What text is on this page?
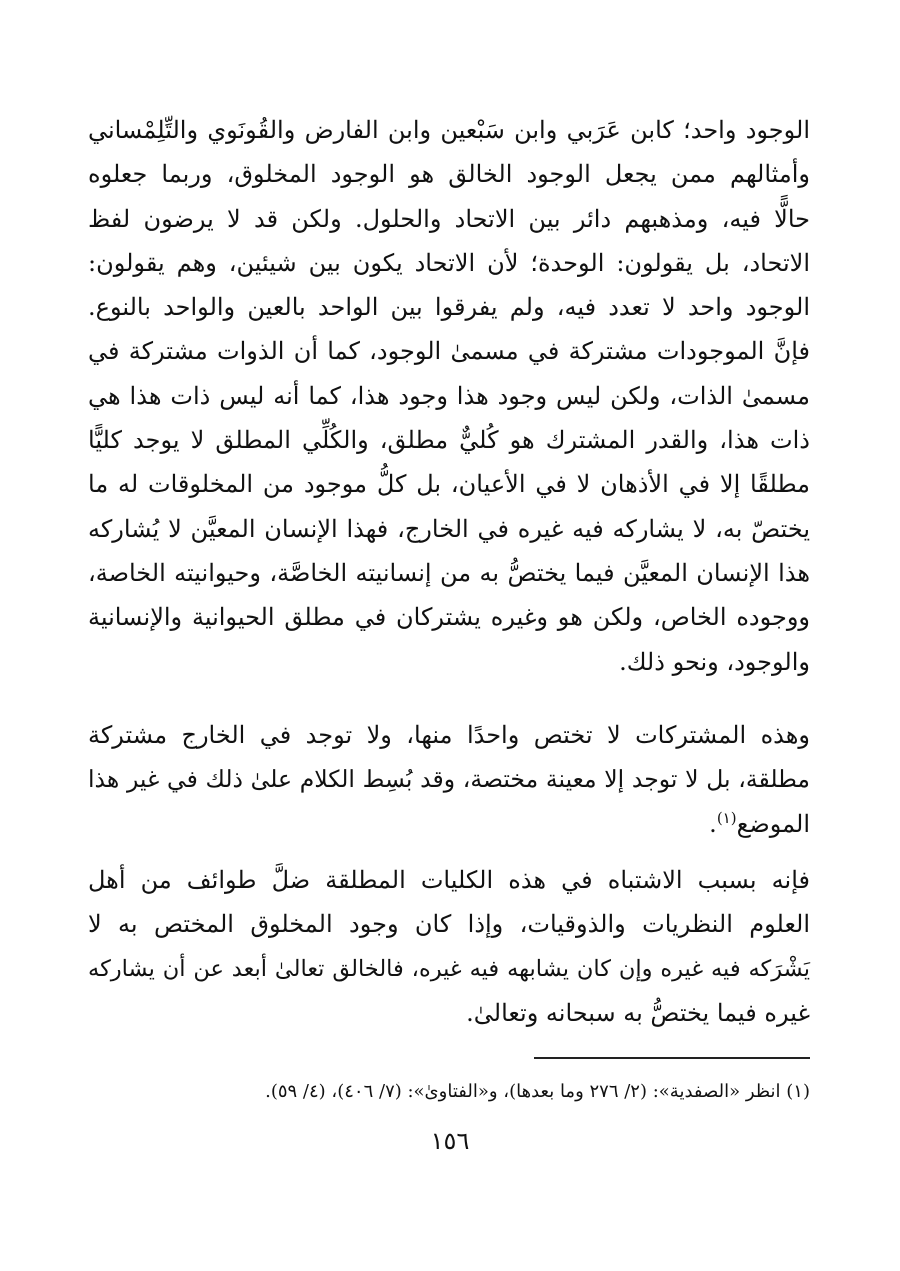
الوجود واحد؛ كابن عَرَبي وابن سَبْعين وابن الفارض والقُونَوي والتِّلِمْساني
وأمثالهم ممن يجعل الوجود الخالق هو الوجود المخلوق، وربما جعلوه
حالًّا فيه، ومذهبهم دائر بين الاتحاد والحلول. ولكن قد لا يرضون لفظ
الاتحاد، بل يقولون: الوحدة؛ لأن الاتحاد يكون بين شيئين، وهم يقولون:
الوجود واحد لا تعدد فيه، ولم يفرقوا بين الواحد بالعين والواحد بالنوع.
فإنَّ الموجودات مشتركة في مسمىٰ الوجود، كما أن الذوات مشتركة في
مسمىٰ الذات، ولكن ليس وجود هذا وجود هذا، كما أنه ليس ذات هذا هي
ذات هذا، والقدر المشترك هو كُليٌّ مطلق، والكُلِّي المطلق لا يوجد كليًّا
مطلقًا إلا في الأذهان لا في الأعيان، بل كلُّ موجود من المخلوقات له ما
يختصّ به، لا يشاركه فيه غيره في الخارج، فهذا الإنسان المعيَّن لا يُشاركه
هذا الإنسان المعيَّن فيما يختصُّ به من إنسانيته الخاصَّة، وحيوانيته الخاصة،
ووجوده الخاص، ولكن هو وغيره يشتركان في مطلق الحيوانية والإنسانية
والوجود، ونحو ذلك.
وهذه المشتركات لا تختص واحدًا منها، ولا توجد في الخارج مشتركة
مطلقة، بل لا توجد إلا معينة مختصة، وقد بُسِط الكلام علىٰ ذلك في غير هذا
الموضع$^{(١)}$.
فإنه بسبب الاشتباه في هذه الكليات المطلقة ضلَّ طوائف من أهل
العلوم النظريات والذوقيات، وإذا كان وجود المخلوق المختص به لا
يَشْرَكه فيه غيره وإن كان يشابهه فيه غيره، فالخالق تعالىٰ أبعد عن أن يشاركه
غيره فيما يختصُّ به سبحانه وتعالىٰ.
(١) انظر «الصفدية»: (٢/ ٢٧٦ وما بعدها)، و«الفتاوىٰ»: (٧/ ٤٠٦)، (٤/ ٥٩).
١٥٦
